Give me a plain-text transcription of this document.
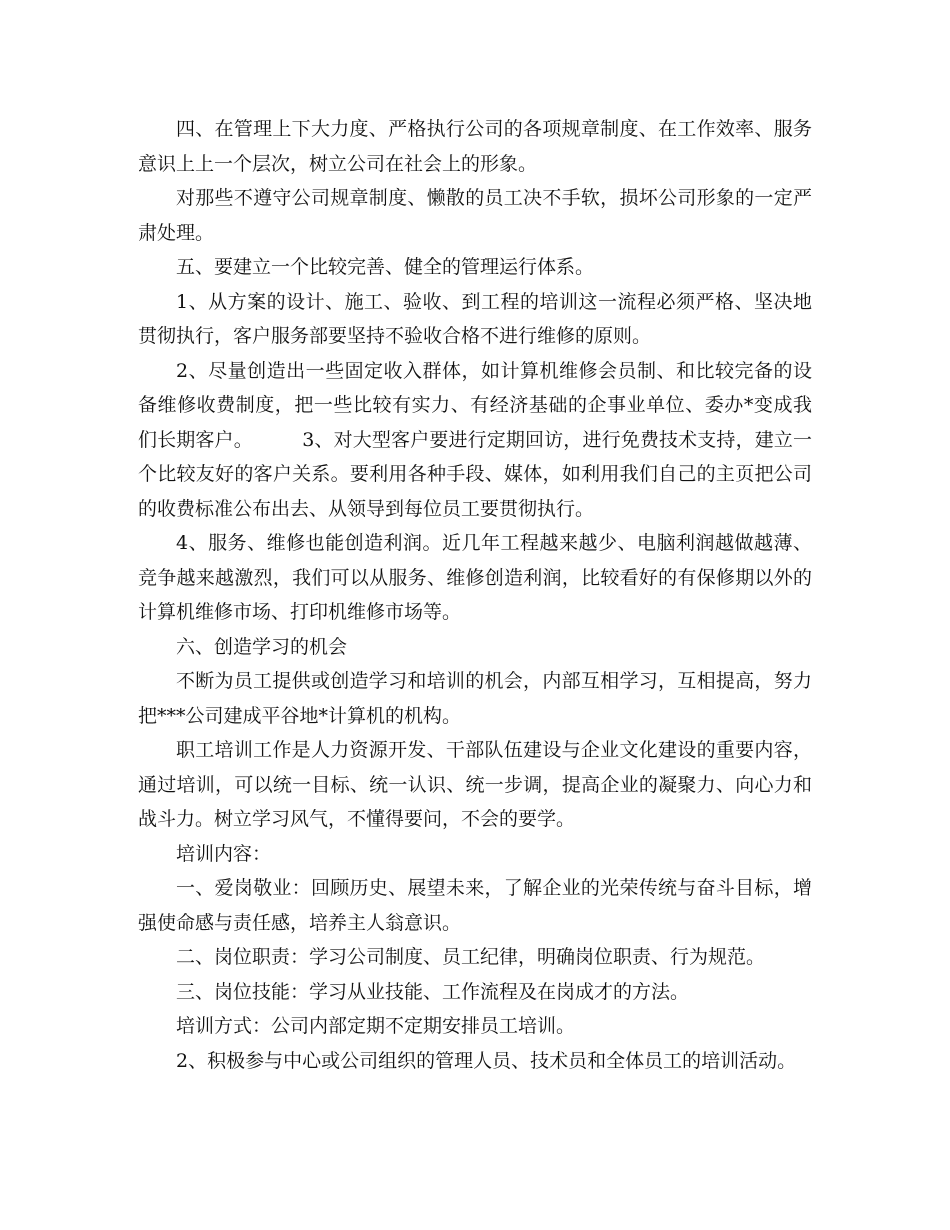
四、在管理上下大力度、严格执行公司的各项规章制度、在工作效率、服务意识上上一个层次，树立公司在社会上的形象。

对那些不遵守公司规章制度、懒散的员工决不手软，损坏公司形象的一定严肃处理。

五、要建立一个比较完善、健全的管理运行体系。

1、从方案的设计、施工、验收、到工程的培训这一流程必须严格、坚决地贯彻执行，客户服务部要坚持不验收合格不进行维修的原则。

2、尽量创造出一些固定收入群体，如计算机维修会员制、和比较完备的设备维修收费制度，把一些比较有实力、有经济基础的企事业单位、委办*变成我们长期客户。        3、对大型客户要进行定期回访，进行免费技术支持，建立一个比较友好的客户关系。要利用各种手段、媒体，如利用我们自己的主页把公司的收费标准公布出去、从领导到每位员工要贯彻执行。

4、服务、维修也能创造利润。近几年工程越来越少、电脑利润越做越薄、竞争越来越激烈，我们可以从服务、维修创造利润，比较看好的有保修期以外的计算机维修市场、打印机维修市场等。

六、创造学习的机会

不断为员工提供或创造学习和培训的机会，内部互相学习，互相提高，努力把***公司建成平谷地*计算机的机构。

职工培训工作是人力资源开发、干部队伍建设与企业文化建设的重要内容，通过培训，可以统一目标、统一认识、统一步调，提高企业的凝聚力、向心力和战斗力。树立学习风气，不懂得要问，不会的要学。

培训内容：

一、爱岗敬业：回顾历史、展望未来，了解企业的光荣传统与奋斗目标，增强使命感与责任感，培养主人翁意识。

二、岗位职责：学习公司制度、员工纪律，明确岗位职责、行为规范。

三、岗位技能：学习从业技能、工作流程及在岗成才的方法。

培训方式：公司内部定期不定期安排员工培训。

2、积极参与中心或公司组织的管理人员、技术员和全体员工的培训活动。
